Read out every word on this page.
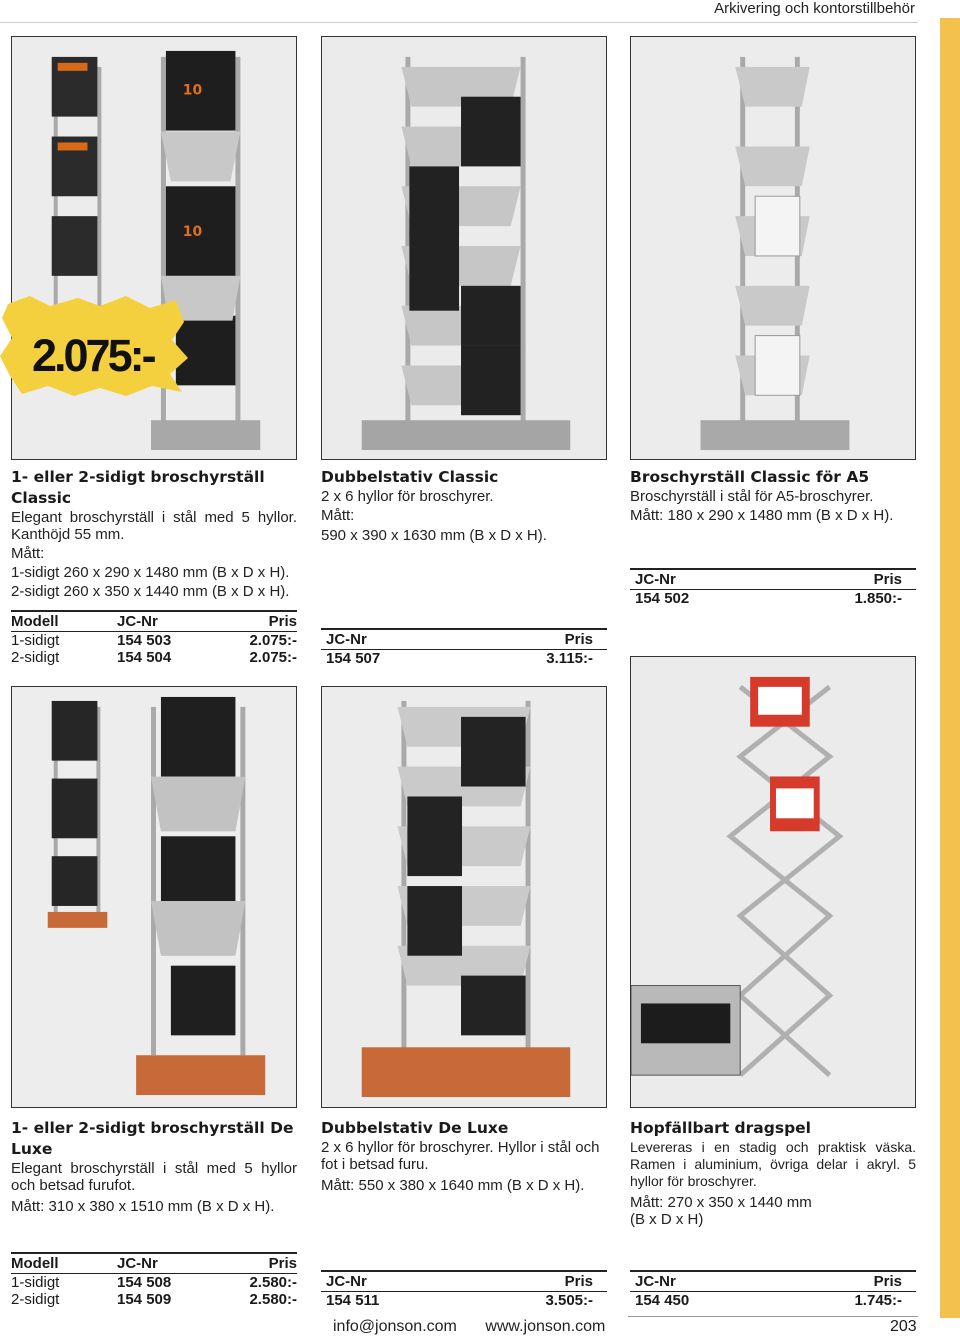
Arkivering och kontorstillbehör
10
10
2.075:-
1- eller 2-sidigt broschyrställ Classic
Elegant broschyrställ i stål med 5 hyllor. Kanthöjd 55 mm.
Mått:
1-sidigt 260 x 290 x 1480 mm (B x D x H).
2-sidigt 260 x 350 x 1440 mm (B x D x H).
Modell	JC-Nr	Pris
1-sidigt	154 503	2.075:-
2-sidigt	154 504	2.075:-
Dubbelstativ Classic
2 x 6 hyllor för broschyrer.
Mått:
590 x 390 x 1630 mm (B x D x H).
JC-Nr	Pris
154 507	3.115:-
Broschyrställ Classic för A5
Broschyrställ i stål för A5-broschyrer.
Mått: 180 x 290 x 1480 mm (B x D x H).
JC-Nr	Pris
154 502	1.850:-
1- eller 2-sidigt broschyrställ De Luxe
Elegant broschyrställ i stål med 5 hyllor och betsad furufot.
Mått: 310 x 380 x 1510 mm (B x D x H).
Modell	JC-Nr	Pris
1-sidigt	154 508	2.580:-
2-sidigt	154 509	2.580:-
Dubbelstativ De Luxe
2 x 6 hyllor för broschyrer. Hyllor i stål och fot i betsad furu.
Mått: 550 x 380 x 1640 mm (B x D x H).
JC-Nr	Pris
154 511	3.505:-
Hopfällbart dragspel
Levereras i en stadig och praktisk väska. Ramen i aluminium, övriga delar i akryl. 5 hyllor för broschyrer.
Mått: 270 x 350 x 1440 mm
(B x D x H)
JC-Nr	Pris
154 450	1.745:-
info@jonson.com www.jonson.com	203
